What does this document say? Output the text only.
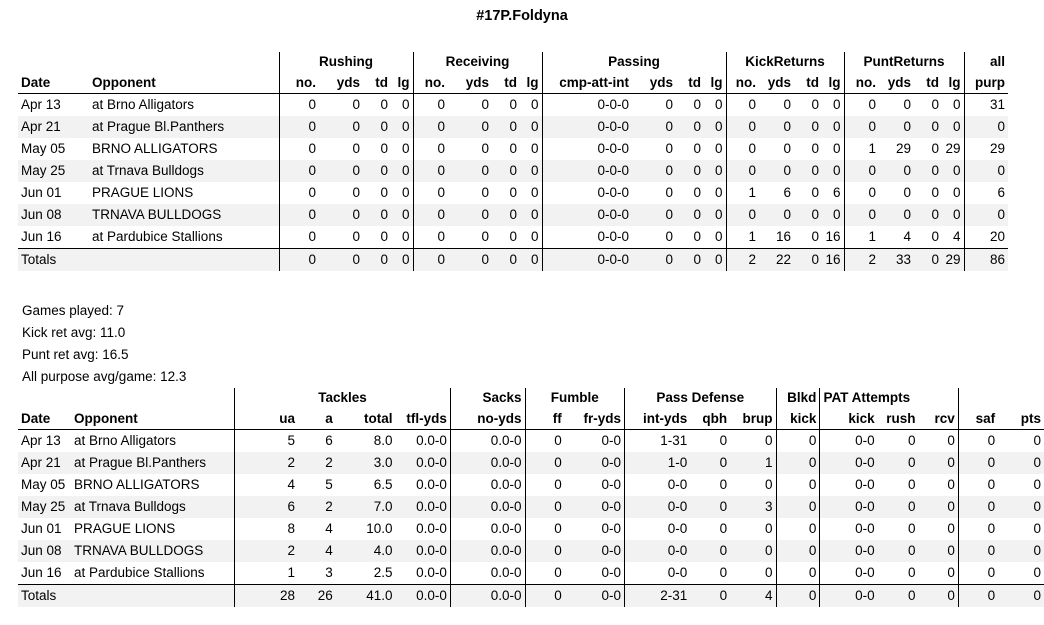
#17P.Foldyna
		Rushing				Receiving				Passing				KickReturns				PuntReturns				all
Date	Opponent	no.	yds	td	lg	no.	yds	td	lg	cmp-att-int	yds	td	lg	no.	yds	td	lg	no.	yds	td	lg	purp
Apr 13	at Brno Alligators	0	0	0	0	0	0	0	0	0-0-0	0	0	0	0	0	0	0	0	0	0	0	31
Apr 21	at Prague Bl.Panthers	0	0	0	0	0	0	0	0	0-0-0	0	0	0	0	0	0	0	0	0	0	0	0
May 05	BRNO ALLIGATORS	0	0	0	0	0	0	0	0	0-0-0	0	0	0	0	0	0	0	1	29	0	29	29
May 25	at Trnava Bulldogs	0	0	0	0	0	0	0	0	0-0-0	0	0	0	0	0	0	0	0	0	0	0	0
Jun 01	PRAGUE LIONS	0	0	0	0	0	0	0	0	0-0-0	0	0	0	1	6	0	6	0	0	0	0	6
Jun 08	TRNAVA BULLDOGS	0	0	0	0	0	0	0	0	0-0-0	0	0	0	0	0	0	0	0	0	0	0	0
Jun 16	at Pardubice Stallions	0	0	0	0	0	0	0	0	0-0-0	0	0	0	1	16	0	16	1	4	0	4	20
Totals		0	0	0	0	0	0	0	0	0-0-0	0	0	0	2	22	0	16	2	33	0	29	86
Games played: 7
Kick ret avg: 11.0
Punt ret avg: 16.5
All purpose avg/game: 12.3
		Tackles				Sacks	Fumble		Pass Defense			Blkd	PAT Attempts				
Date	Opponent	ua	a	total	tfl-yds	no-yds	ff	fr-yds	int-yds	qbh	brup	kick	kick	rush	rcv	saf	pts
Apr 13	at Brno Alligators	5	6	8.0	0.0-0	0.0-0	0	0-0	1-31	0	0	0	0-0	0	0	0	0
Apr 21	at Prague Bl.Panthers	2	2	3.0	0.0-0	0.0-0	0	0-0	1-0	0	1	0	0-0	0	0	0	0
May 05	BRNO ALLIGATORS	4	5	6.5	0.0-0	0.0-0	0	0-0	0-0	0	0	0	0-0	0	0	0	0
May 25	at Trnava Bulldogs	6	2	7.0	0.0-0	0.0-0	0	0-0	0-0	0	3	0	0-0	0	0	0	0
Jun 01	PRAGUE LIONS	8	4	10.0	0.0-0	0.0-0	0	0-0	0-0	0	0	0	0-0	0	0	0	0
Jun 08	TRNAVA BULLDOGS	2	4	4.0	0.0-0	0.0-0	0	0-0	0-0	0	0	0	0-0	0	0	0	0
Jun 16	at Pardubice Stallions	1	3	2.5	0.0-0	0.0-0	0	0-0	0-0	0	0	0	0-0	0	0	0	0
Totals		28	26	41.0	0.0-0	0.0-0	0	0-0	2-31	0	4	0	0-0	0	0	0	0
